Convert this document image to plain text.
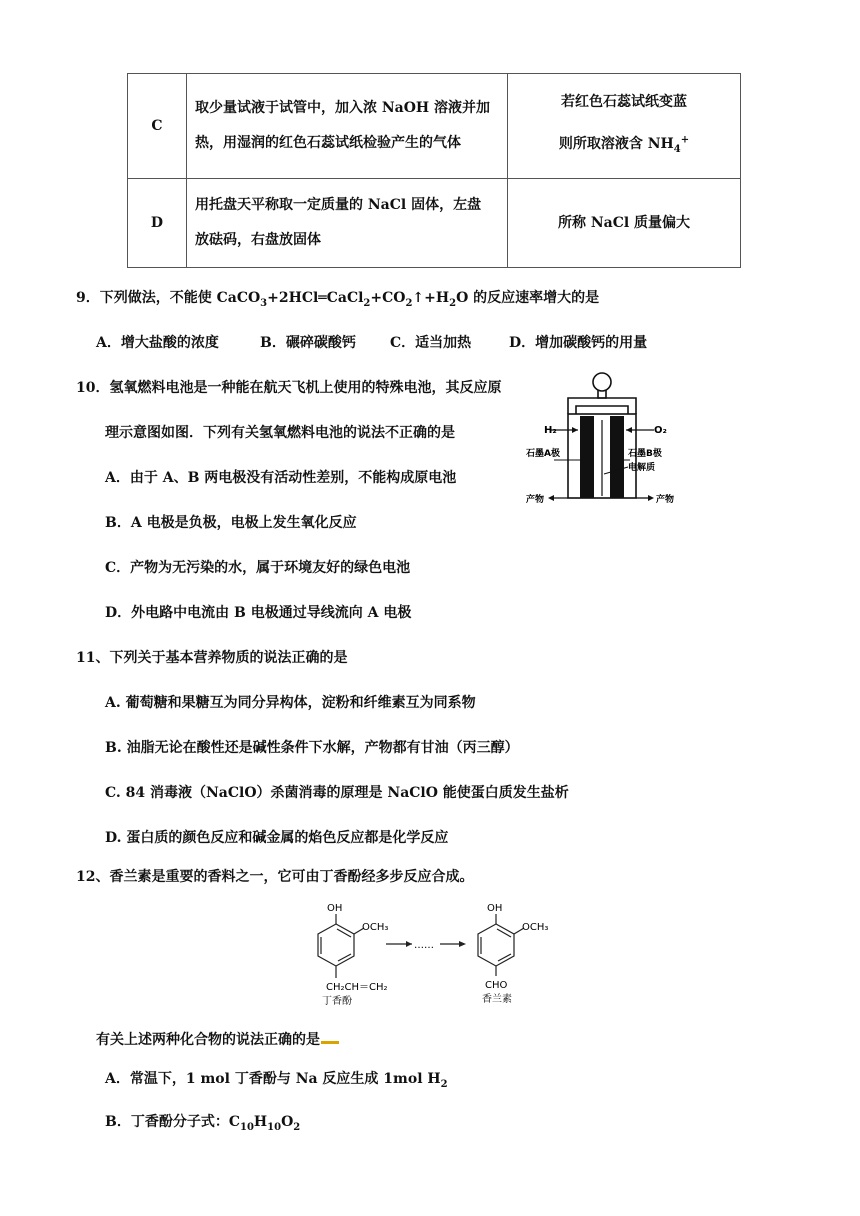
C	取少量试液于试管中，加入浓 NaOH 溶液并加
热，用湿润的红色石蕊试纸检验产生的气体	若红色石蕊试纸变蓝
则所取溶液含 $NH_4^+$
D	用托盘天平称取一定质量的 NaCl 固体，左盘
放砝码，右盘放固体	所称 NaCl 质量偏大
9．下列做法，不能使 $CaCO_3+2HCl═CaCl_2+CO_2↑+H_2O$ 的反应速率增大的是
A．增大盐酸的浓度	B．碾碎碳酸钙 C．适当加热	D．增加碳酸钙的用量
10．氢氧燃料电池是一种能在航天飞机上使用的特殊电池，其反应原
理示意图如图．下列有关氢氧燃料电池的说法不正确的是
A．由于 A、B 两电极没有活动性差别，不能构成原电池
B．A 电极是负极，电极上发生氧化反应
C．产物为无污染的水，属于环境友好的绿色电池
D．外电路中电流由 B 电极通过导线流向 A 电极
H₂	O₂
石墨A极	石墨B极
电解质
产物	产物
11、下列关于基本营养物质的说法正确的是
A. 葡萄糖和果糖互为同分异构体，淀粉和纤维素互为同系物
B. 油脂无论在酸性还是碱性条件下水解，产物都有甘油（丙三醇）
C. 84 消毒液（NaClO）杀菌消毒的原理是 NaClO 能使蛋白质发生盐析
D. 蛋白质的颜色反应和碱金属的焰色反应都是化学反应
12、香兰素是重要的香料之一，它可由丁香酚经多步反应合成。
OH
OCH₃
CH₂CH＝CH₂
丁香酚
……
OH
OCH₃
CHO
香兰素
有关上述两种化合物的说法正确的是
A．常温下，1 mol 丁香酚与 Na 反应生成 1mol $H_2$
B．丁香酚分子式：$C_{10}H_{10}O_2$
